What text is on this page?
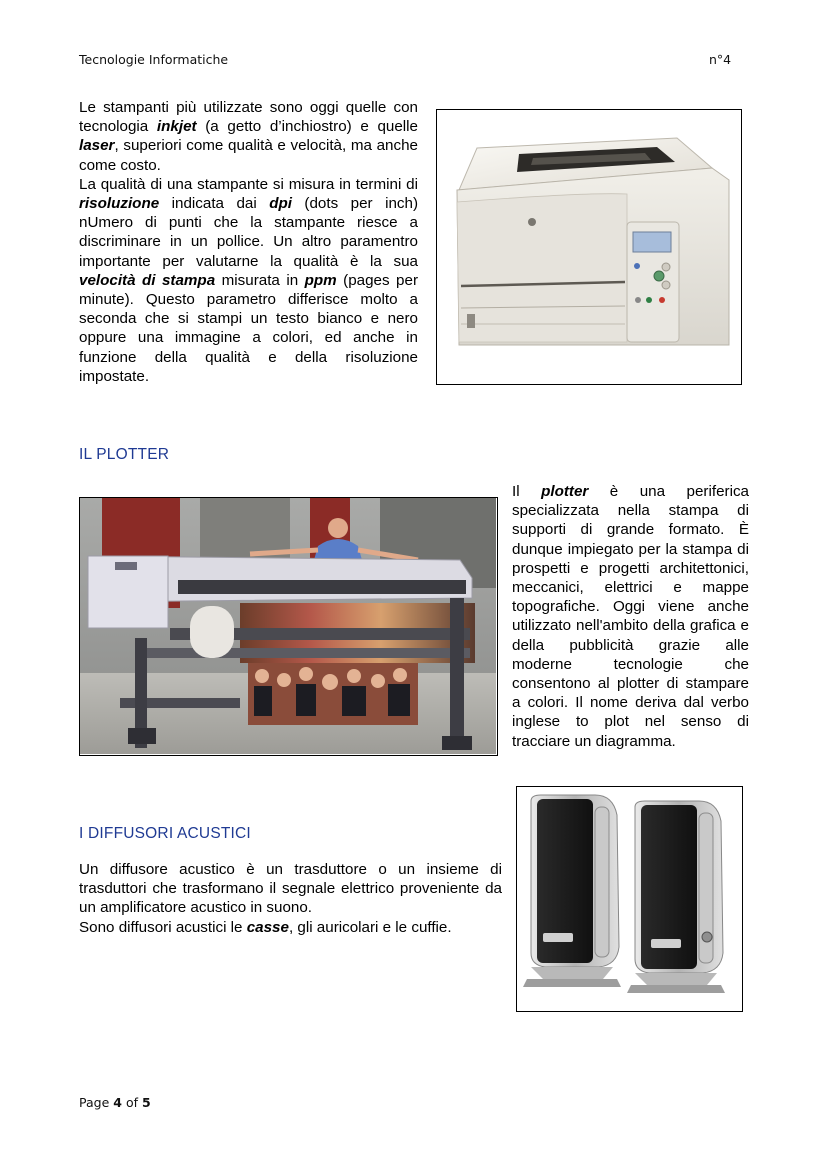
Tecnologie Informatiche	n°4

Le stampanti più utilizzate sono oggi quelle con tecnologia inkjet (a getto d’inchiostro) e quelle laser, superiori come qualità e velocità, ma anche come costo.

La qualità di una stampante si misura in termini di risoluzione indicata dai dpi (dots per inch) nUmero di punti che la stampante riesce a discriminare in un pollice. Un altro paramentro importante per valutarne la qualità è la sua velocità di stampa misurata in ppm (pages per minute). Questo parametro differisce molto a seconda che si stampi un testo bianco e nero oppure una immagine a colori, ed anche in funzione della qualità e della risoluzione impostate.

IL PLOTTER

Il plotter è una periferica specializzata nella stampa di supporti di grande formato. È dunque impiegato per la stampa di prospetti e progetti architettonici, meccanici, elettrici e mappe topografiche. Oggi viene anche utilizzato nell'ambito della grafica e della pubblicità grazie alle moderne tecnologie che consentono al plotter di stampare a colori. Il nome deriva dal verbo inglese to plot nel senso di tracciare un diagramma.

I DIFFUSORI ACUSTICI

Un diffusore acustico è un trasduttore o un insieme di trasduttori che trasformano il segnale elettrico proveniente da un amplificatore acustico in suono.

Sono diffusori acustici le casse, gli auricolari e le cuffie.

Page 4 of 5
